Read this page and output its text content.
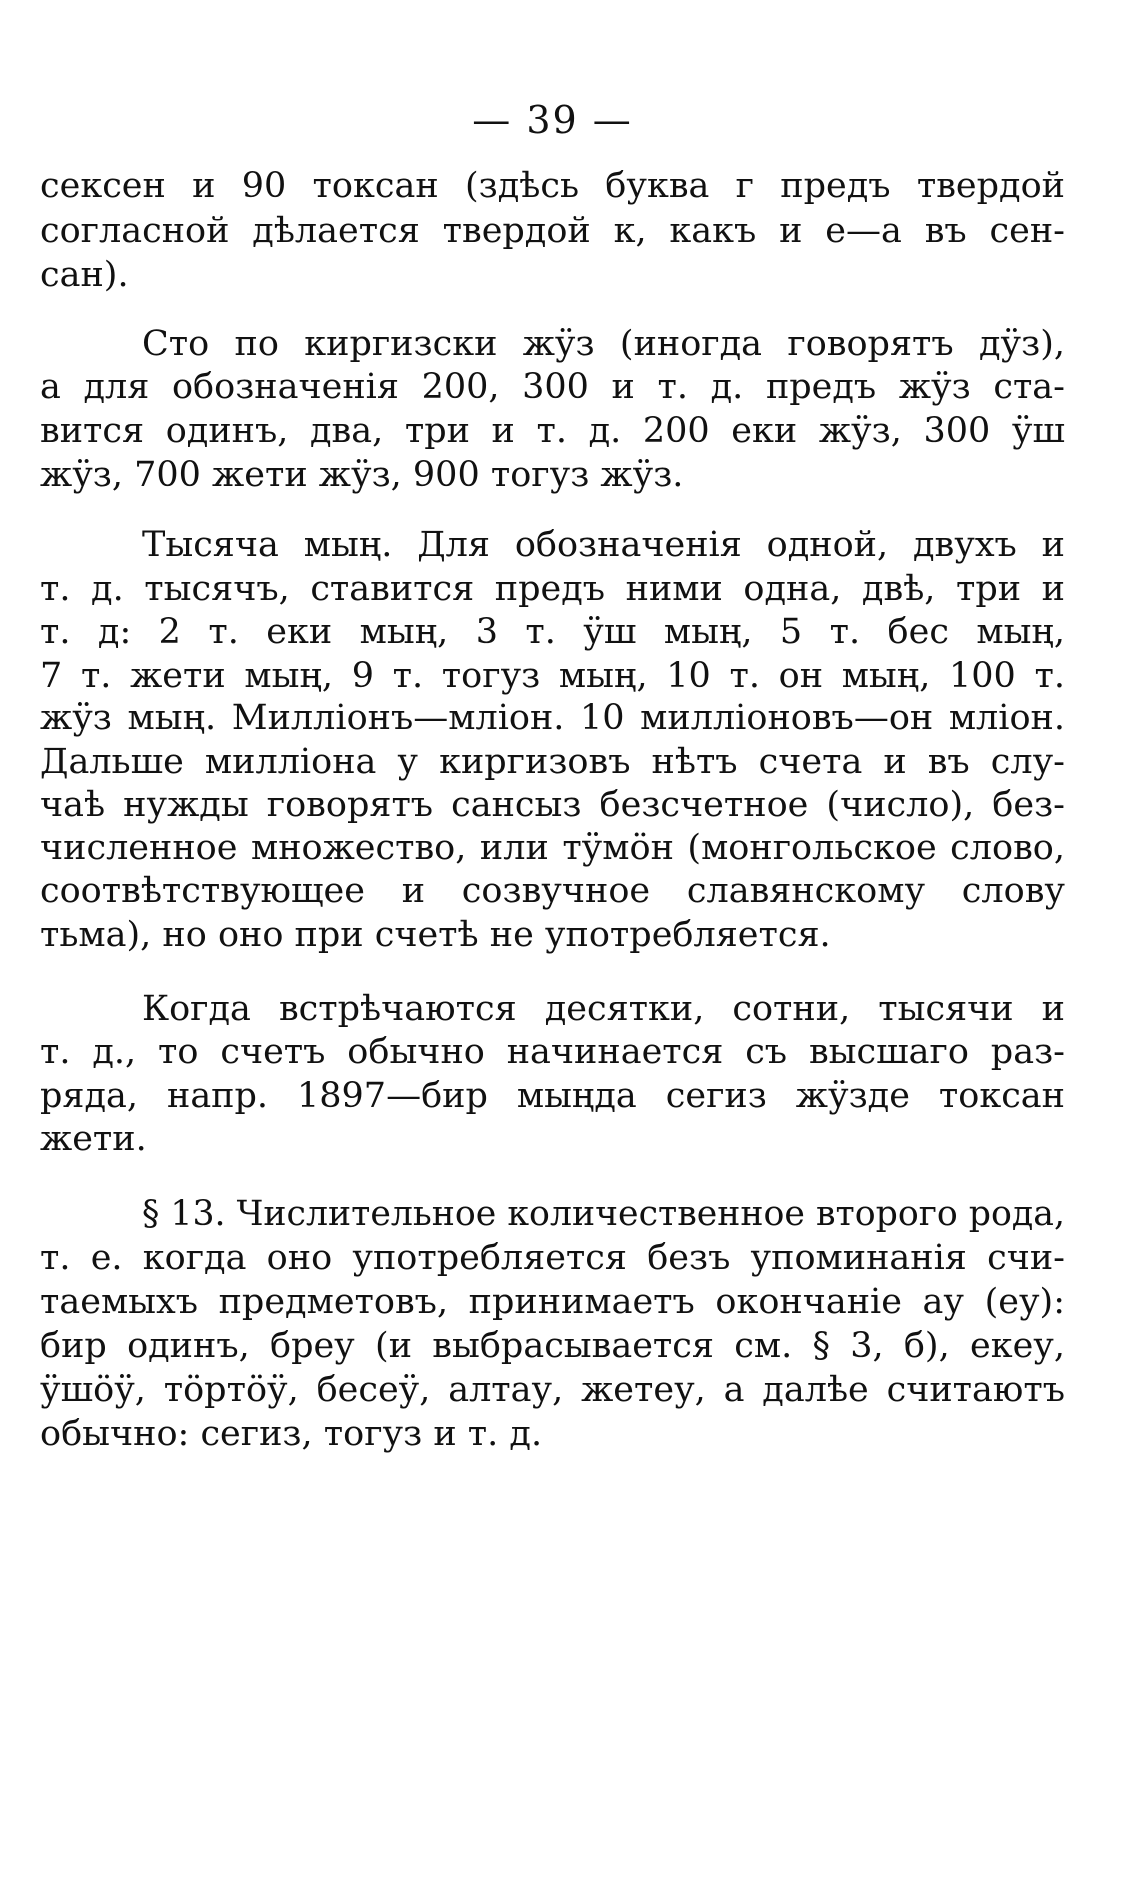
— 39 —
сексен и 90 токсан (здѣсь буква г предъ твердой
согласной дѣлается твердой к, какъ и е—а въ сен-
сан).
Сто по киргизски жӱз (иногда говорятъ дӱз),
а для обозначенія 200, 300 и т. д. предъ жӱз ста-
вится одинъ, два, три и т. д. 200 еки жӱз, 300 ӱш
жӱз, 700 жети жӱз, 900 тогуз жӱз.
Тысяча мың. Для обозначенія одной, двухъ и
т. д. тысячъ, ставится предъ ними одна, двѣ, три и
т. д: 2 т. еки мың, 3 т. ӱш мың, 5 т. бес мың,
7 т. жети мың, 9 т. тогуз мың, 10 т. он мың, 100 т.
жӱз мың. Милліонъ—млiон. 10 милліоновъ—он млiон.
Дальше милліона у киргизовъ нѣтъ счета и въ слу-
чаѣ нужды говорятъ сансыз безсчетное (число), без-
численное множество, или тӱмӧн (монгольское слово,
соотвѣтствующее и созвучное славянскому слову
тьма), но оно при счетѣ не употребляется.
Когда встрѣчаются десятки, сотни, тысячи и
т. д., то счетъ обычно начинается съ высшаго раз-
ряда, напр. 1897—бир мыңда сегиз жӱзде токсан
жети.
§ 13. Числительное количественное второго рода,
т. е. когда оно употребляется безъ упоминанія счи-
таемыхъ предметовъ, принимаетъ окончаніе ау (еу):
бир одинъ, бреу (и выбрасывается см. § 3, б), екеу,
ӱшӧӱ, тӧртӧӱ, бесеӱ, алтау, жетеу, а далѣе считаютъ
обычно: сегиз, тогуз и т. д.
